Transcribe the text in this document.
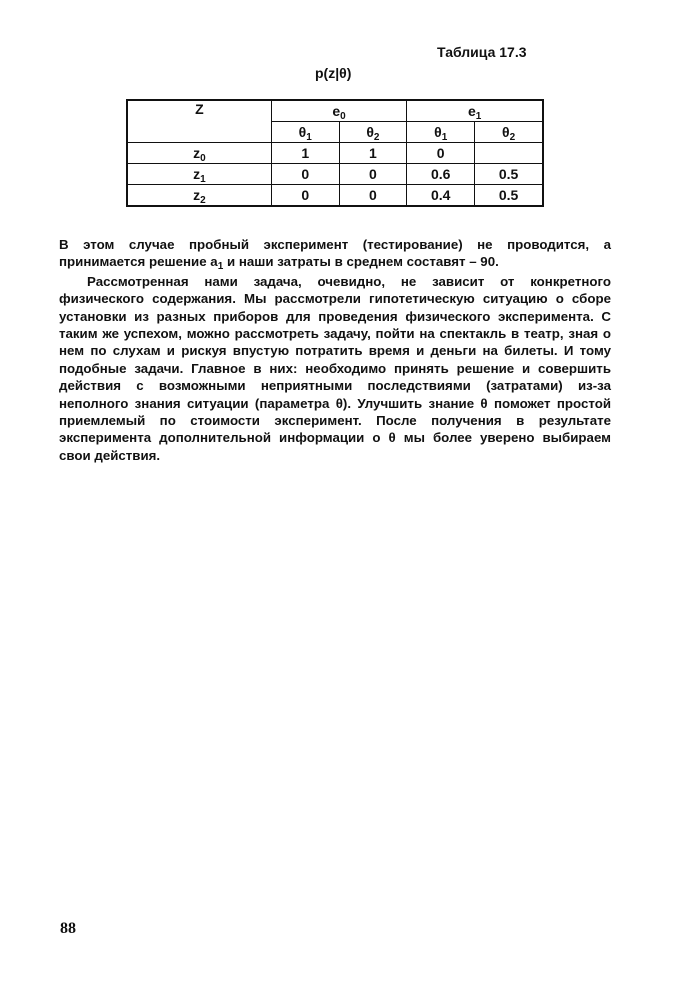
Таблица 17.3
p(z|θ)
Z	$e_0$		$e_1$
	$\theta_1$	$\theta_2$	$\theta_1$	$\theta_2$
$z_0$	1	1	0	
$z_1$	0	0	0.6	0.5
$z_2$	0	0	0.4	0.5

В этом случае пробный эксперимент (тестирование) не проводится, а принимается решение $a_1$ и наши затраты в среднем составят – 90.

Рассмотренная нами задача, очевидно, не зависит от конкретного физического содержания. Мы рассмотрели гипотетическую ситуацию о сборе установки из разных приборов для проведения физического эксперимента. С таким же успехом, можно рассмотреть задачу, пойти на спектакль в театр, зная о нем по слухам и рискуя впустую потратить время и деньги на билеты. И тому подобные задачи. Главное в них: необходимо принять решение и совершить действия с возможными неприятными последствиями (затратами) из-за неполного знания ситуации (параметра θ). Улучшить знание θ поможет простой приемлемый по стоимости эксперимент. После получения в результате эксперимента дополнительной информации о θ мы более уверено выбираем свои действия.

88
